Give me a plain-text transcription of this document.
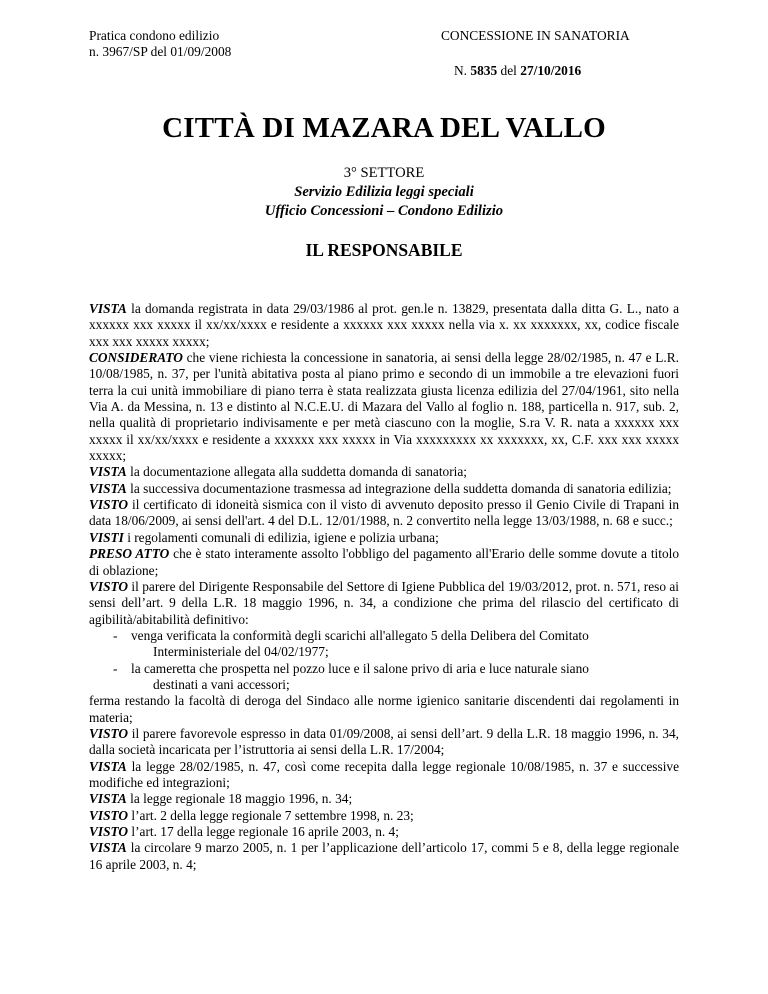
Pratica condono edilizio
n. 3967/SP del 01/09/2008
CONCESSIONE IN SANATORIA
N. 5835 del 27/10/2016
CITTÀ DI MAZARA DEL VALLO
3° SETTORE
Servizio Edilizia leggi speciali
Ufficio Concessioni – Condono Edilizio
IL RESPONSABILE

VISTA la domanda registrata in data 29/03/1986 al prot. gen.le n. 13829, presentata dalla ditta G. L., nato a xxxxxx xxx xxxxx il xx/xx/xxxx e residente a xxxxxx xxx xxxxx nella via x. xx xxxxxxx, xx, codice fiscale xxx xxx xxxxx xxxxx;

CONSIDERATO che viene richiesta la concessione in sanatoria, ai sensi della legge 28/02/1985, n. 47 e L.R. 10/08/1985, n. 37, per l'unità abitativa posta al piano primo e secondo di un immobile a tre elevazioni fuori terra la cui unità immobiliare di piano terra è stata realizzata giusta licenza edilizia del 27/04/1961, sito nella Via A. da Messina, n. 13 e distinto al N.C.E.U. di Mazara del Vallo al foglio n. 188, particella n. 917, sub. 2, nella qualità di proprietario indivisamente e per metà ciascuno con la moglie, S.ra V. R. nata a xxxxxx xxx xxxxx il xx/xx/xxxx e residente a xxxxxx xxx xxxxx in Via xxxxxxxxx xx xxxxxxx, xx, C.F. xxx xxx xxxxx xxxxx;

VISTA la documentazione allegata alla suddetta domanda di sanatoria;

VISTA la successiva documentazione trasmessa ad integrazione della suddetta domanda di sanatoria edilizia;

VISTO il certificato di idoneità sismica con il visto di avvenuto deposito presso il Genio Civile di Trapani in data 18/06/2009, ai sensi dell'art. 4 del D.L. 12/01/1988, n. 2 convertito nella legge 13/03/1988, n. 68 e succ.;

VISTI i regolamenti comunali di edilizia, igiene e polizia urbana;

PRESO ATTO che è stato interamente assolto l'obbligo del pagamento all'Erario delle somme dovute a titolo di oblazione;

VISTO il parere del Dirigente Responsabile del Settore di Igiene Pubblica del 19/03/2012, prot. n. 571, reso ai sensi dell’art. 9 della L.R. 18 maggio 1996, n. 34, a condizione che prima del rilascio del certificato di agibilità/abitabilità definitivo:

- venga verificata la conformità degli scarichi all'allegato 5 della Delibera del Comitato
Interministeriale del 04/02/1977;
- la cameretta che prospetta nel pozzo luce e il salone privo di aria e luce naturale siano
destinati a vani accessori;

ferma restando la facoltà di deroga del Sindaco alle norme igienico sanitarie discendenti dai regolamenti in materia;

VISTO il parere favorevole espresso in data 01/09/2008, ai sensi dell’art. 9 della L.R. 18 maggio 1996, n. 34, dalla società incaricata per l’istruttoria ai sensi della L.R. 17/2004;

VISTA la legge 28/02/1985, n. 47, così come recepita dalla legge regionale 10/08/1985, n. 37 e successive modifiche ed integrazioni;

VISTA la legge regionale 18 maggio 1996, n. 34;

VISTO l’art. 2 della legge regionale 7 settembre 1998, n. 23;

VISTO l’art. 17 della legge regionale 16 aprile 2003, n. 4;

VISTA la circolare 9 marzo 2005, n. 1 per l’applicazione dell’articolo 17, commi 5 e 8, della legge regionale 16 aprile 2003, n. 4;
